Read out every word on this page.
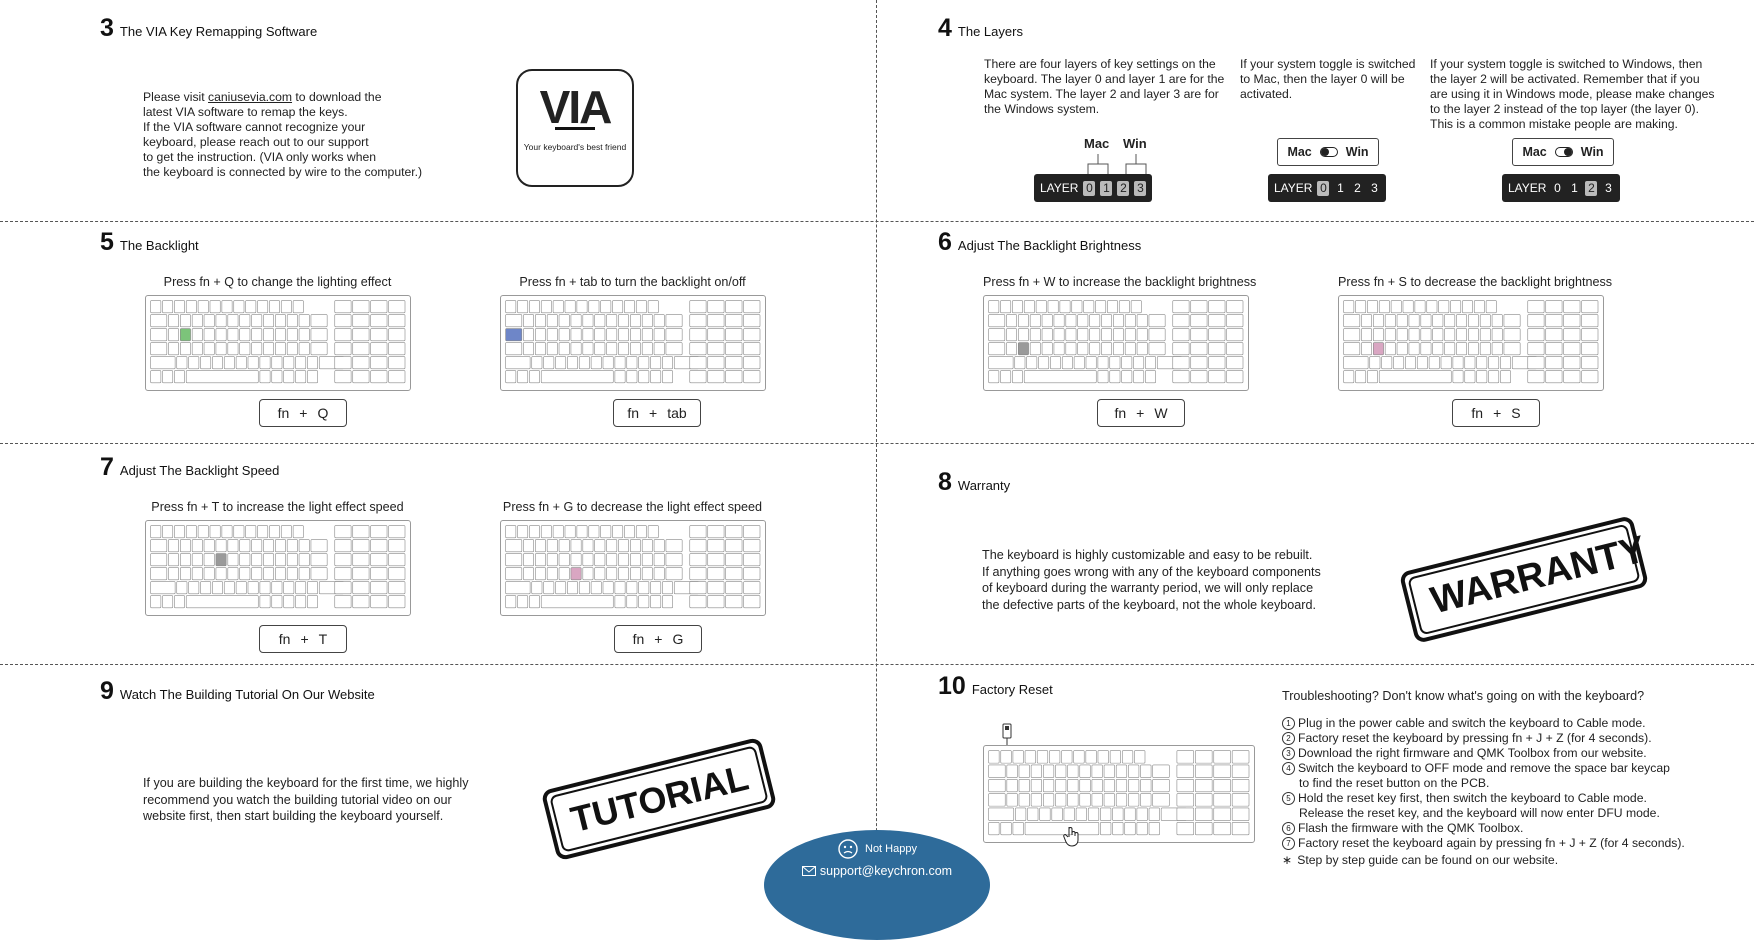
3 The VIA Key Remapping Software

Please visit caniusevia.com to download the

latest VIA software to remap the keys.

If the VIA software cannot recognize your

keyboard, please reach out to our support

to get the instruction. (VIA only works when

the keyboard is connected by wire to the computer.)

VIA
Your keyboard's best friend
4 The Layers

There are four layers of key settings on the

keyboard. The layer 0 and layer 1 are for the

Mac system. The layer 2 and layer 3 are for

the Windows system.

If your system toggle is switched

to Mac, then the layer 0 will be

activated.

If your system toggle is switched to Windows, then

the layer 2 will be activated. Remember that if you

are using it in Windows mode, please make changes

to the layer 2 instead of the top layer (the layer 0).

This is a common mistake people are making.

Mac Win
LAYER 0 1 2 3
Mac	Win
LAYER 0 1 2 3
Mac	Win
LAYER 0 1 2 3
5 The Backlight
Press fn + Q to change the lighting effect	Press fn + tab to turn the backlight on/off
fn + Q	fn + tab
6 Adjust The Backlight Brightness
Press fn + W to increase the backlight brightness	Press fn + S to decrease the backlight brightness
fn + W	fn + S
7 Adjust The Backlight Speed
Press fn + T to increase the light effect speed	Press fn + G to decrease the light effect speed
fn + T	fn + G
8 Warranty

The keyboard is highly customizable and easy to be rebuilt.

If anything goes wrong with any of the keyboard components

of keyboard during the warranty period, we will only replace

the defective parts of the keyboard, not the whole keyboard.	WARRANTY
9 Watch The Building Tutorial On Our Website

If you are building the keyboard for the first time, we highly

recommend you watch the building tutorial video on our

website first, then start building the keyboard yourself.	TUTORIAL
10 Factory Reset	Troubleshooting? Don't know what's going on with the keyboard?
1 Plug in the power cable and switch the keyboard to Cable mode.
2 Factory reset the keyboard by pressing fn + J + Z (for 4 seconds).
3 Download the right firmware and QMK Toolbox from our website.
4 Switch the keyboard to OFF mode and remove the space bar keycap
to find the reset button on the PCB.
5 Hold the reset key first, then switch the keyboard to Cable mode.
Release the reset key, and the keyboard will now enter DFU mode.
6 Flash the firmware with the QMK Toolbox.
7 Factory reset the keyboard again by pressing fn + J + Z (for 4 seconds).
∗ Step by step guide can be found on our website.
Not Happy
support@keychron.com
